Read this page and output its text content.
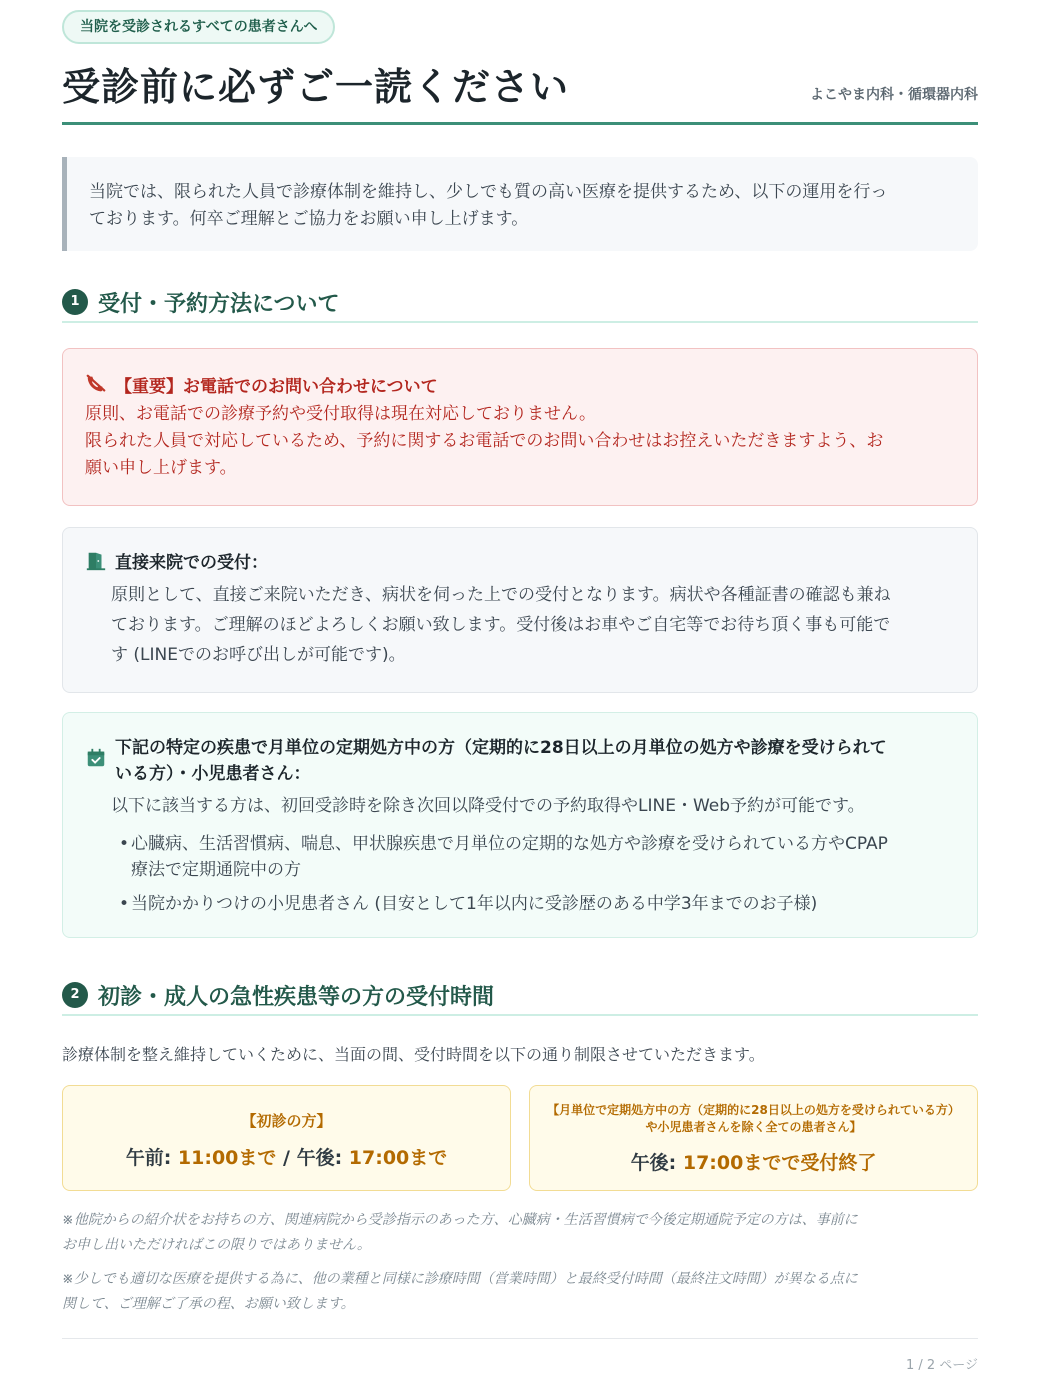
当院を受診されるすべての患者さんへ
受診前に必ずご一読ください	よこやま内科・循環器内科
当院では、限られた人員で診療体制を維持し、少しでも質の高い医療を提供するため、以下の運用を行っ
ております。何卒ご理解とご協力をお願い申し上げます。
1 受付・予約方法について
【重要】お電話でのお問い合わせについて
原則、お電話での診療予約や受付取得は現在対応しておりません。
限られた人員で対応しているため、予約に関するお電話でのお問い合わせはお控えいただきますよう、お
願い申し上げます。
直接来院での受付：
原則として、直接ご来院いただき、病状を伺った上での受付となります。病状や各種証書の確認も兼ね
ております。ご理解のほどよろしくお願い致します。受付後はお車やご自宅等でお待ち頂く事も可能で
す (LINEでのお呼び出しが可能です)。
下記の特定の疾患で月単位の定期処方中の方（定期的に28日以上の月単位の処方や診療を受けられて
いる方）・小児患者さん：
以下に該当する方は、初回受診時を除き次回以降受付での予約取得やLINE・Web予約が可能です。
• 心臓病、生活習慣病、喘息、甲状腺疾患で月単位の定期的な処方や診療を受けられている方やCPAP
療法で定期通院中の方
• 当院かかりつけの小児患者さん (目安として1年以内に受診歴のある中学3年までのお子様)
2 初診・成人の急性疾患等の方の受付時間
診療体制を整え維持していくために、当面の間、受付時間を以下の通り制限させていただきます。
【初診の方】
午前: 11:00まで / 午後: 17:00まで
【月単位で定期処方中の方（定期的に28日以上の処方を受けられている方）
や小児患者さんを除く全ての患者さん】
午後: 17:00までで受付終了
※他院からの紹介状をお持ちの方、関連病院から受診指示のあった方、心臓病・生活習慣病で今後定期通院予定の方は、事前に
お申し出いただければこの限りではありません。
※少しでも適切な医療を提供する為に、他の業種と同様に診療時間（営業時間）と最終受付時間（最終注文時間）が異なる点に
関して、ご理解ご了承の程、お願い致します。
1 / 2 ページ
